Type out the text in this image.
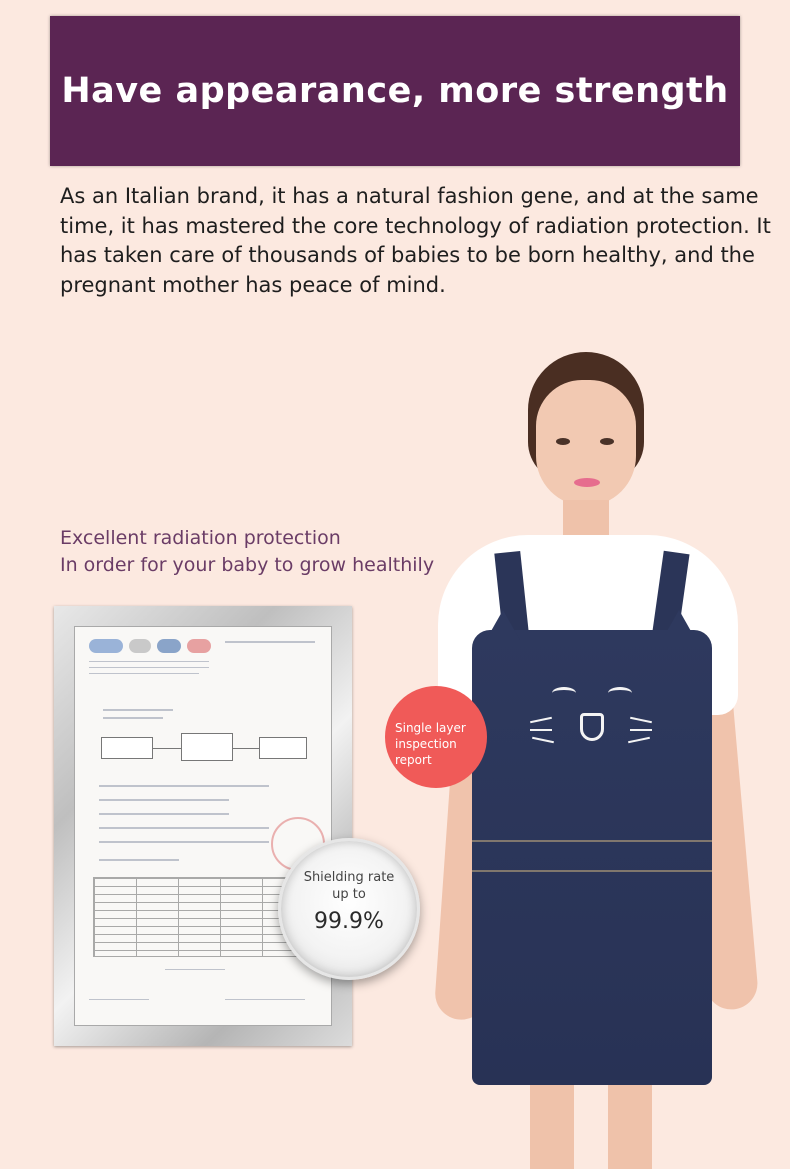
Have appearance, more strength

As an Italian brand, it has a natural fashion gene, and at the same time, it has mastered the core technology of radiation protection. It has taken care of thousands of babies to be born healthy, and the pregnant mother has peace of mind.

Excellent radiation protection
In order for your baby to grow healthily
Single layer
inspection report
Shielding rate
up to
99.9%
